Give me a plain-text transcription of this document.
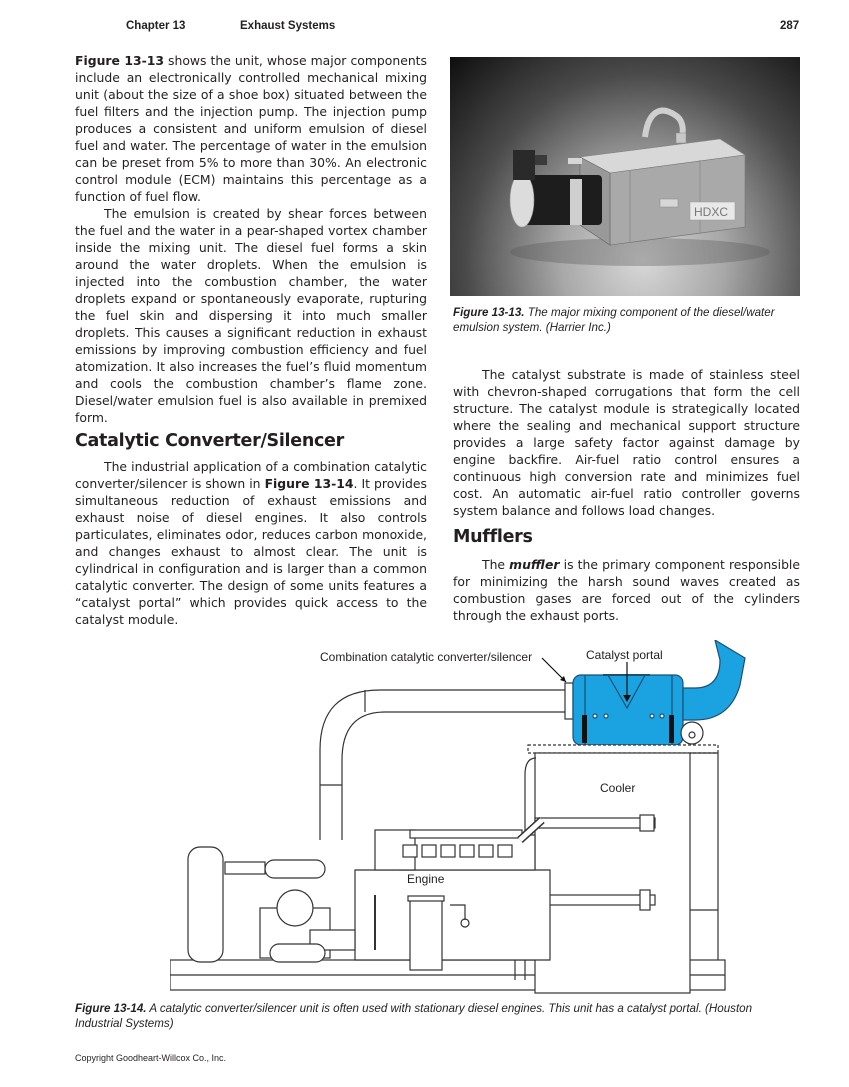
Chapter 13	Exhaust Systems	287

Figure 13-13 shows the unit, whose major components include an electronically controlled mechanical mixing unit (about the size of a shoe box) situated between the fuel filters and the injection pump. The injection pump produces a consistent and uniform emulsion of diesel fuel and water. The percentage of water in the emulsion can be preset from 5% to more than 30%. An electronic control module (ECM) maintains this percentage as a function of fuel flow.

The emulsion is created by shear forces between the fuel and the water in a pear-shaped vortex chamber inside the mixing unit. The diesel fuel forms a skin around the water droplets. When the emulsion is injected into the combustion chamber, the water droplets expand or spontaneously evaporate, rupturing the fuel skin and dispersing it into much smaller droplets. This causes a significant reduction in exhaust emissions by improving combustion efficiency and fuel atomization. It also increases the fuel’s fluid momentum and cools the combustion chamber’s flame zone. Diesel/water emulsion fuel is also available in premixed form.

Catalytic Converter/Silencer

The industrial application of a combination catalytic converter/silencer is shown in Figure 13-14. It provides simultaneous reduction of exhaust emissions and exhaust noise of diesel engines. It also controls particulates, eliminates odor, reduces carbon monoxide, and changes exhaust to almost clear. The unit is cylindrical in configuration and is larger than a common catalytic converter. The design of some units features a “catalyst portal” which provides quick access to the catalyst module.

HDXC
Figure 13-13. The major mixing component of the diesel/water emulsion system. (Harrier Inc.)

The catalyst substrate is made of stainless steel with chevron-shaped corrugations that form the cell structure. The catalyst module is strategically located where the sealing and mechanical support structure provides a large safety factor against damage by engine backfire. Air-fuel ratio control ensures a continuous high conversion rate and minimizes fuel cost. An automatic air-fuel ratio controller governs system balance and follows load changes.

Mufflers

The muffler is the primary component responsible for minimizing the harsh sound waves created as combustion gases are forced out of the cylinders through the exhaust ports.

Combination catalytic converter/silencer	Catalyst portal
Cooler
Engine
Figure 13-14. A catalytic converter/silencer unit is often used with stationary diesel engines. This unit has a catalyst portal. (Houston Industrial Systems)
Copyright Goodheart-Willcox Co., Inc.
